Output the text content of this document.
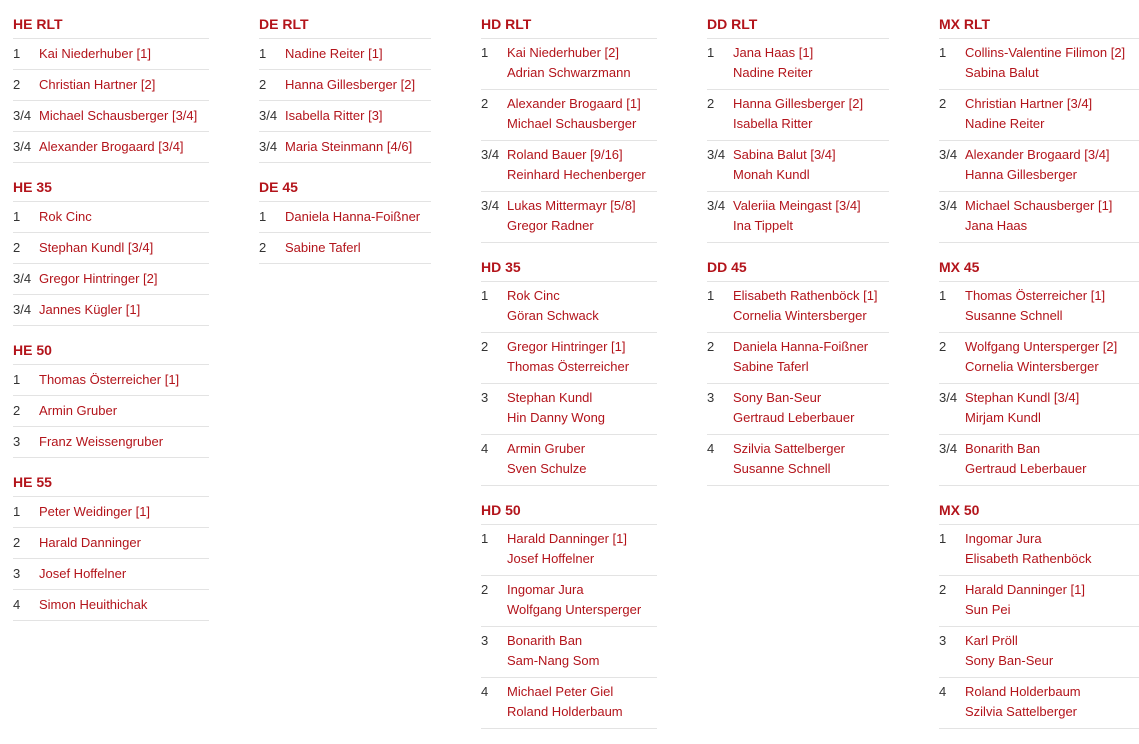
HE RLT
1	Kai Niederhuber [1]
2	Christian Hartner [2]
3/4 Michael Schausberger [3/4]
3/4 Alexander Brogaard [3/4]
HE 35
1	Rok Cinc
2	Stephan Kundl [3/4]
3/4 Gregor Hintringer [2]
3/4 Jannes Kügler [1]
HE 50
1	Thomas Österreicher [1]
2	Armin Gruber
3	Franz Weissengruber
HE 55
1	Peter Weidinger [1]
2	Harald Danninger
3	Josef Hoffelner
4	Simon Heuithichak
DE RLT
1	Nadine Reiter [1]
2	Hanna Gillesberger [2]
3/4 Isabella Ritter [3]
3/4 Maria Steinmann [4/6]
DE 45
1	Daniela Hanna-Foißner
2	Sabine Taferl
HD RLT
1	Kai Niederhuber [2]
Adrian Schwarzmann
2	Alexander Brogaard [1]
Michael Schausberger
3/4 Roland Bauer [9/16]
Reinhard Hechenberger
3/4 Lukas Mittermayr [5/8]
Gregor Radner
HD 35
1	Rok Cinc
Göran Schwack
2	Gregor Hintringer [1]
Thomas Österreicher
3	Stephan Kundl
Hin Danny Wong
4	Armin Gruber
Sven Schulze
HD 50
1	Harald Danninger [1]
Josef Hoffelner
2	Ingomar Jura
Wolfgang Untersperger
3	Bonarith Ban
Sam-Nang Som
4	Michael Peter Giel
Roland Holderbaum
DD RLT
1	Jana Haas [1]
Nadine Reiter
2	Hanna Gillesberger [2]
Isabella Ritter
3/4 Sabina Balut [3/4]
Monah Kundl
3/4 Valeriia Meingast [3/4]
Ina Tippelt
DD 45
1	Elisabeth Rathenböck [1]
Cornelia Wintersberger
2	Daniela Hanna-Foißner
Sabine Taferl
3	Sony Ban-Seur
Gertraud Leberbauer
4	Szilvia Sattelberger
Susanne Schnell
MX RLT
1	Collins-Valentine Filimon [2]
Sabina Balut
2	Christian Hartner [3/4]
Nadine Reiter
3/4 Alexander Brogaard [3/4]
Hanna Gillesberger
3/4 Michael Schausberger [1]
Jana Haas
MX 45
1	Thomas Österreicher [1]
Susanne Schnell
2	Wolfgang Untersperger [2]
Cornelia Wintersberger
3/4 Stephan Kundl [3/4]
Mirjam Kundl
3/4 Bonarith Ban
Gertraud Leberbauer
MX 50
1	Ingomar Jura
Elisabeth Rathenböck
2	Harald Danninger [1]
Sun Pei
3	Karl Pröll
Sony Ban-Seur
4	Roland Holderbaum
Szilvia Sattelberger
